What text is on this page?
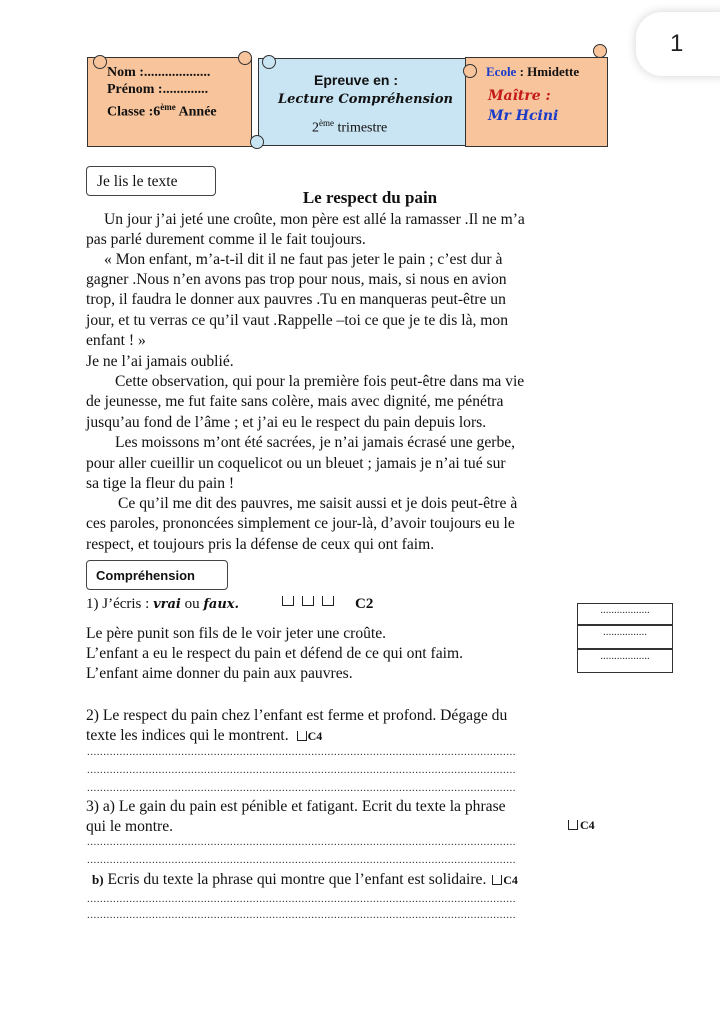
1
Nom :...................
Prénom :.............
Classe :6ème Année
Epreuve en :
Lecture Compréhension
2ème trimestre
Ecole : Hmidette
Maître :
Mr Hcini
Je lis le texte
Le respect du pain
Un jour j’ai jeté une croûte, mon père est allé la ramasser .Il ne m’a
pas parlé durement comme il le fait toujours.
« Mon enfant, m’a-t-il dit il ne faut pas jeter le pain ; c’est dur à
gagner .Nous n’en avons pas trop pour nous, mais, si nous en avion
trop, il faudra le donner aux pauvres .Tu en manqueras peut-être un
jour, et tu verras ce qu’il vaut .Rappelle –toi ce que je te dis là, mon
enfant ! »
Je ne l’ai jamais oublié.
Cette observation, qui pour la première fois peut-être dans ma vie
de jeunesse, me fut faite sans colère, mais avec dignité, me pénétra
jusqu’au fond de l’âme ; et j’ai eu le respect du pain depuis lors.
Les moissons m’ont été sacrées, je n’ai jamais écrasé une gerbe,
pour aller cueillir un coquelicot ou un bleuet ; jamais je n’ai tué sur
sa tige la fleur du pain !
Ce qu’il me dit des pauvres, me saisit aussi et je dois peut-être à
ces paroles, prononcées simplement ce jour-là, d’avoir toujours eu le
respect, et toujours pris la défense de ceux qui ont faim.
Compréhension
1) J’écris : vrai ou faux.	C2
Le père punit son fils de le voir jeter une croûte.
L’enfant a eu le respect du pain et défend de ce qui ont faim.
L’enfant aime donner du pain aux pauvres.
..................
................
..................
2) Le respect du pain chez l’enfant est ferme et profond. Dégage du
texte les indices qui le montrent. C4
....................................................................................................................................
....................................................................................................................................
....................................................................................................................................
3) a) Le gain du pain est pénible et fatigant. Ecrit du texte la phrase
qui le montre.	C4
....................................................................................................................................
....................................................................................................................................
b) Ecris du texte la phrase qui montre que l’enfant est solidaire. C4
....................................................................................................................................
....................................................................................................................................
